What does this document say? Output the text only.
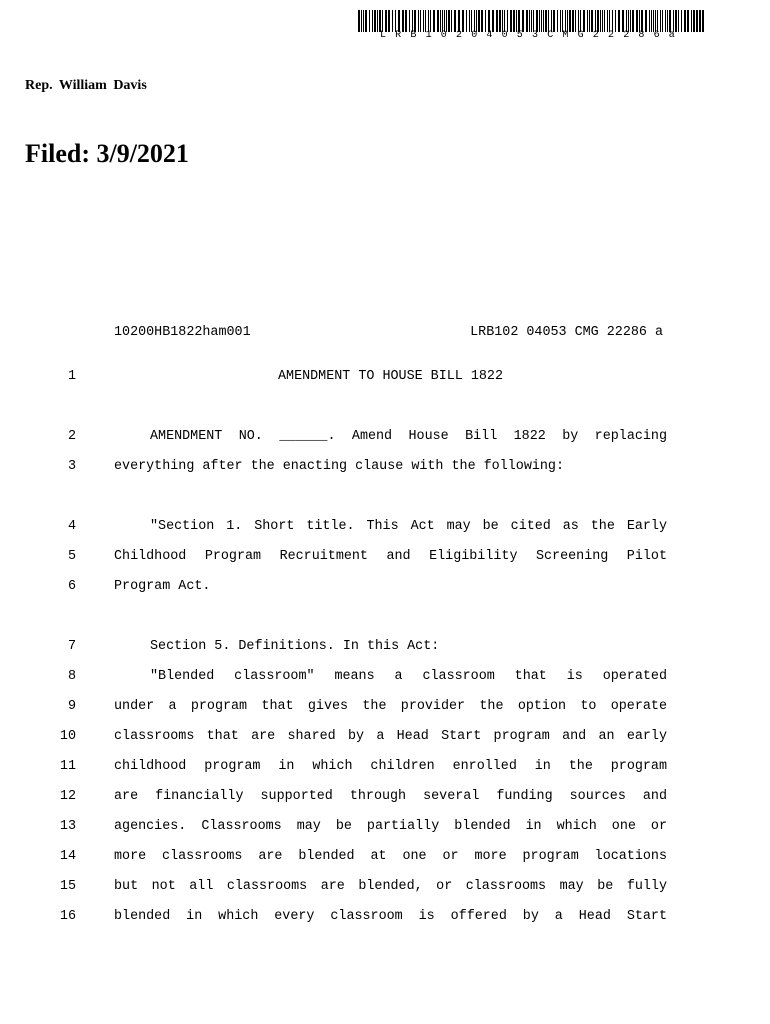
LRB10204053CMG22286a
Rep. William Davis
Filed: 3/9/2021
10200HB1822ham001	LRB102 04053 CMG 22286 a
1	AMENDMENT TO HOUSE BILL 1822
2	AMENDMENT NO. ______. Amend House Bill 1822 by replacing
3	everything after the enacting clause with the following:
4	"Section 1. Short title. This Act may be cited as the Early
5	Childhood Program Recruitment and Eligibility Screening Pilot
6	Program Act.
7	Section 5. Definitions. In this Act:
8	"Blended classroom" means a classroom that is operated
9	under a program that gives the provider the option to operate
10	classrooms that are shared by a Head Start program and an early
11	childhood program in which children enrolled in the program
12	are financially supported through several funding sources and
13	agencies. Classrooms may be partially blended in which one or
14	more classrooms are blended at one or more program locations
15	but not all classrooms are blended, or classrooms may be fully
16	blended in which every classroom is offered by a Head Start
